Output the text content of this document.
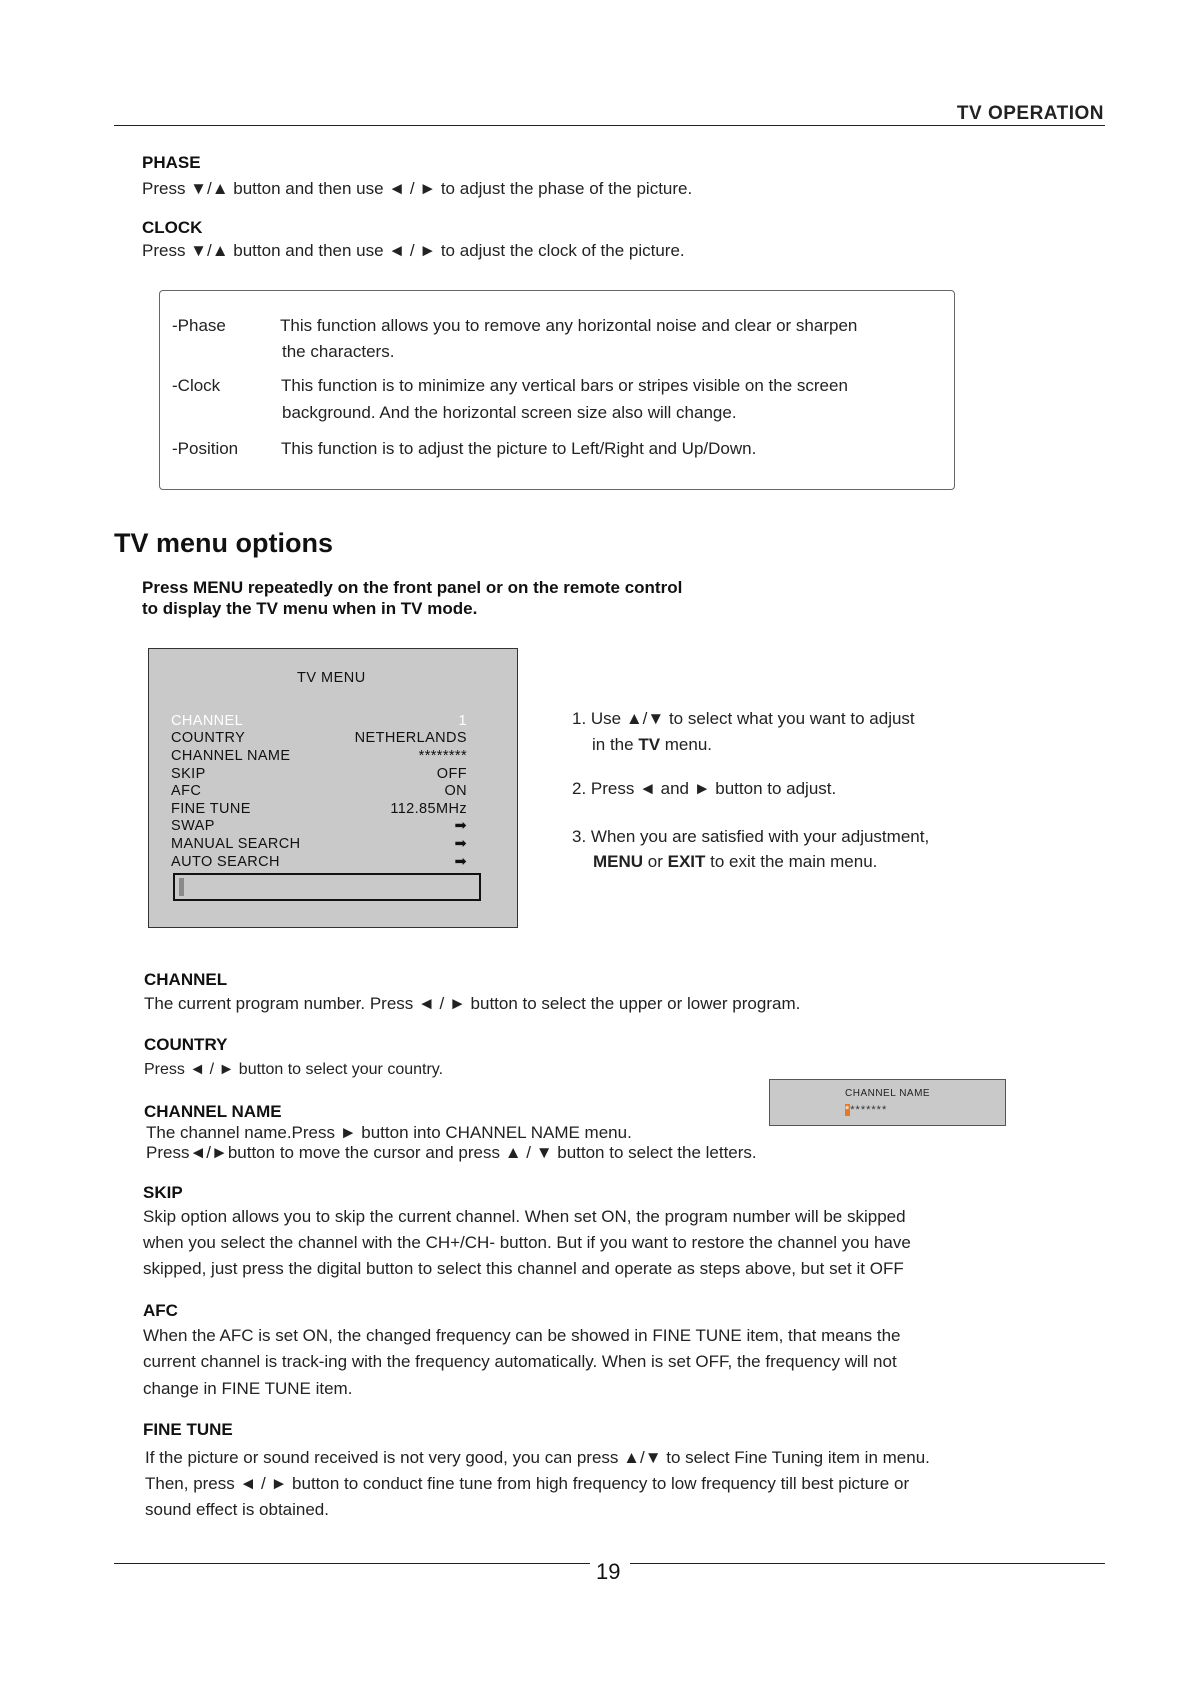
TV OPERATION
PHASE
Press ▼/▲ button and then use ◄ / ► to adjust the phase of the picture.
CLOCK
Press ▼/▲ button and then use ◄ / ► to adjust the clock of the picture.
-Phase	This function allows you to remove any horizontal noise and clear or sharpen
the characters.
-Clock	This function is to minimize any vertical bars or stripes visible on the screen
background. And the horizontal screen size also will change.
-Position	This function is to adjust the picture to Left/Right and Up/Down.
TV menu options
Press MENU repeatedly on the front panel or on the remote control
to display the TV menu when in TV mode.
TV MENU
CHANNEL	1
COUNTRY	NETHERLANDS
CHANNEL NAME	********
SKIP	OFF
AFC	ON
FINE TUNE	112.85MHz
SWAP	➡
MANUAL SEARCH	➡
AUTO SEARCH	➡
1. Use ▲/▼ to select what you want to adjust
in the TV menu.
2. Press ◄ and ► button to adjust.
3. When you are satisfied with your adjustment,
MENU or EXIT to exit the main menu.
CHANNEL
The current program number. Press ◄ / ► button to select the upper or lower program.
COUNTRY
Press ◄ / ► button to select your country.
CHANNEL NAME
The channel name.Press ► button into CHANNEL NAME menu.
Press◄/►button to move the cursor and press ▲ / ▼ button to select the letters.
CHANNEL NAME
********
SKIP
Skip option allows you to skip the current channel. When set ON, the program number will be skipped
when you select the channel with the CH+/CH- button. But if you want to restore the channel you have
skipped, just press the digital button to select this channel and operate as steps above, but set it OFF
AFC
When the AFC is set ON, the changed frequency can be showed in FINE TUNE item, that means the
current channel is track-ing with the frequency automatically. When is set OFF, the frequency will not
change in FINE TUNE item.
FINE TUNE
If the picture or sound received is not very good, you can press ▲/▼ to select Fine Tuning item in menu.
Then, press ◄ / ► button to conduct fine tune from high frequency to low frequency till best picture or
sound effect is obtained.
19
